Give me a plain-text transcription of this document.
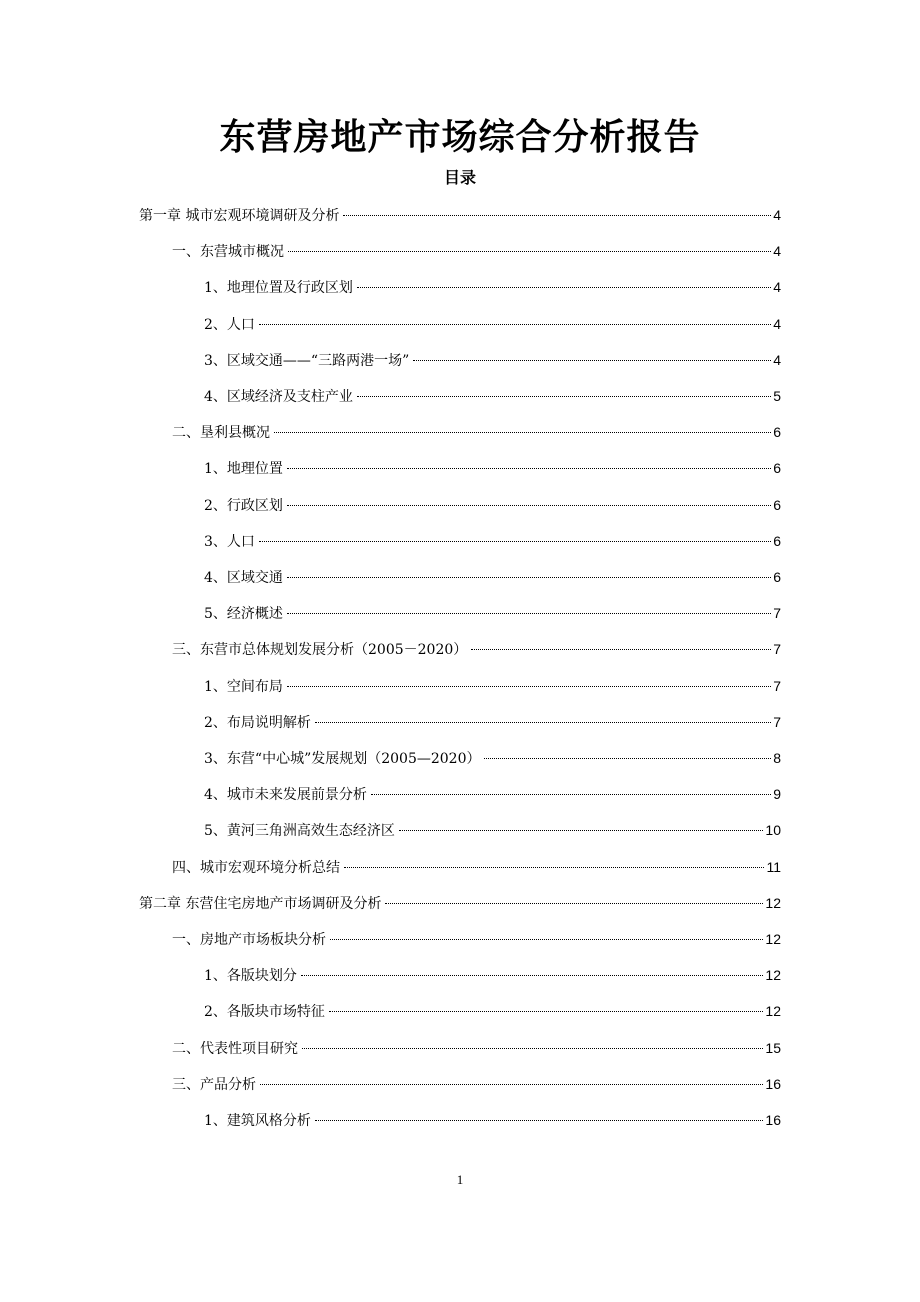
东营房地产市场综合分析报告
目录
第一章 城市宏观环境调研及分析	4
一、东营城市概况	4
1、地理位置及行政区划	4
2、人口	4
3、区域交通——“三路两港一场”	4
4、区域经济及支柱产业	5
二、垦利县概况	6
1、地理位置	6
2、行政区划	6
3、人口	6
4、区域交通	6
5、经济概述	7
三、东营市总体规划发展分析（2005－2020）	7
1、空间布局	7
2、布局说明解析	7
3、东营“中心城”发展规划（2005—2020）	8
4、城市未来发展前景分析	9
5、黄河三角洲高效生态经济区	10
四、城市宏观环境分析总结	11
第二章 东营住宅房地产市场调研及分析	12
一、房地产市场板块分析	12
1、各版块划分	12
2、各版块市场特征	12
二、代表性项目研究	15
三、产品分析	16
1、建筑风格分析	16
1
